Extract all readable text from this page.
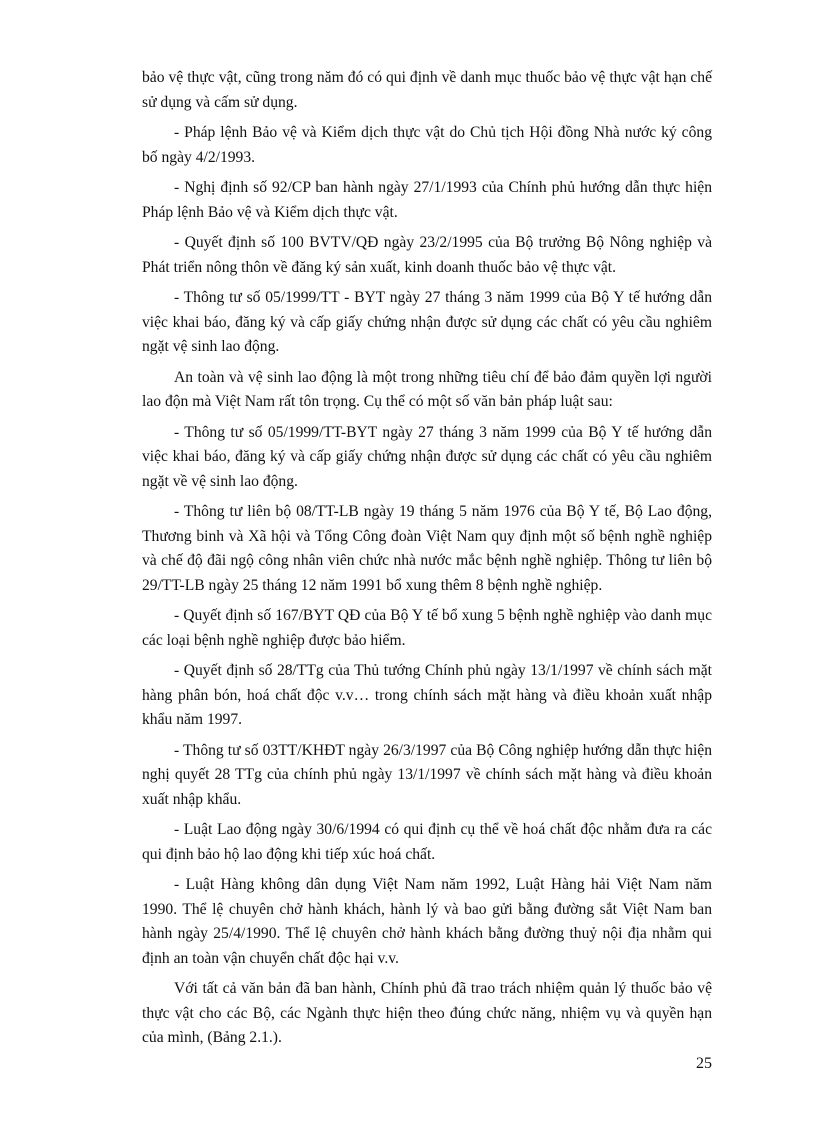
bảo vệ thực vật, cũng trong năm đó có qui định về danh mục thuốc bảo vệ thực vật hạn chế sử dụng và cấm sử dụng.

- Pháp lệnh Bảo vệ và Kiểm dịch thực vật do Chủ tịch Hội đồng Nhà nước ký công bố ngày 4/2/1993.

- Nghị định số 92/CP ban hành ngày 27/1/1993 của Chính phủ hướng dẫn thực hiện Pháp lệnh Bảo vệ và Kiểm dịch thực vật.

- Quyết định số 100 BVTV/QĐ ngày 23/2/1995 của Bộ trưởng Bộ Nông nghiệp và Phát triển nông thôn về đăng ký sản xuất, kinh doanh thuốc bảo vệ thực vật.

- Thông tư số 05/1999/TT - BYT ngày 27 tháng 3 năm 1999 của Bộ Y tế hướng dẫn việc khai báo, đăng ký và cấp giấy chứng nhận được sử dụng các chất có yêu cầu nghiêm ngặt vệ sinh lao động.

An toàn và vệ sinh lao động là một trong những tiêu chí để bảo đảm quyền lợi người lao độn mà Việt Nam rất tôn trọng. Cụ thể có một số văn bản pháp luật sau:

- Thông tư số 05/1999/TT-BYT ngày 27 tháng 3 năm 1999 của Bộ Y tế hướng dẫn việc khai báo, đăng ký và cấp giấy chứng nhận được sử dụng các chất có yêu cầu nghiêm ngặt về vệ sinh lao động.

- Thông tư liên bộ 08/TT-LB ngày 19 tháng 5 năm 1976 của Bộ Y tế, Bộ Lao động, Thương binh và Xã hội và Tổng Công đoàn Việt Nam quy định một số bệnh nghề nghiệp và chế độ đãi ngộ công nhân viên chức nhà nước mắc bệnh nghề nghiệp. Thông tư liên bộ 29/TT-LB ngày 25 tháng 12 năm 1991 bổ xung thêm 8 bệnh nghề nghiệp.

- Quyết định số 167/BYT QĐ của Bộ Y tế bổ xung 5 bệnh nghề nghiệp vào danh mục các loại bệnh nghề nghiệp được bảo hiểm.

- Quyết định số 28/TTg của Thủ tướng Chính phủ ngày 13/1/1997 về chính sách mặt hàng phân bón, hoá chất độc v.v… trong chính sách mặt hàng và điều khoản xuất nhập khẩu năm 1997.

- Thông tư số 03TT/KHĐT ngày 26/3/1997 của Bộ Công nghiệp hướng dẫn thực hiện nghị quyết 28 TTg của chính phủ ngày 13/1/1997 về chính sách mặt hàng và điều khoản xuất nhập khẩu.

- Luật Lao động ngày 30/6/1994 có qui định cụ thể về hoá chất độc nhằm đưa ra các qui định bảo hộ lao động khi tiếp xúc hoá chất.

- Luật Hàng không dân dụng Việt Nam năm 1992, Luật Hàng hải Việt Nam năm 1990. Thể lệ chuyên chở hành khách, hành lý và bao gửi bằng đường sắt Việt Nam ban hành ngày 25/4/1990. Thể lệ chuyên chở hành khách bằng đường thuỷ nội địa nhằm qui định an toàn vận chuyển chất độc hại v.v.

Với tất cả văn bản đã ban hành, Chính phủ đã trao trách nhiệm quản lý thuốc bảo vệ thực vật cho các Bộ, các Ngành thực hiện theo đúng chức năng, nhiệm vụ và quyền hạn của mình, (Bảng 2.1.).

25
